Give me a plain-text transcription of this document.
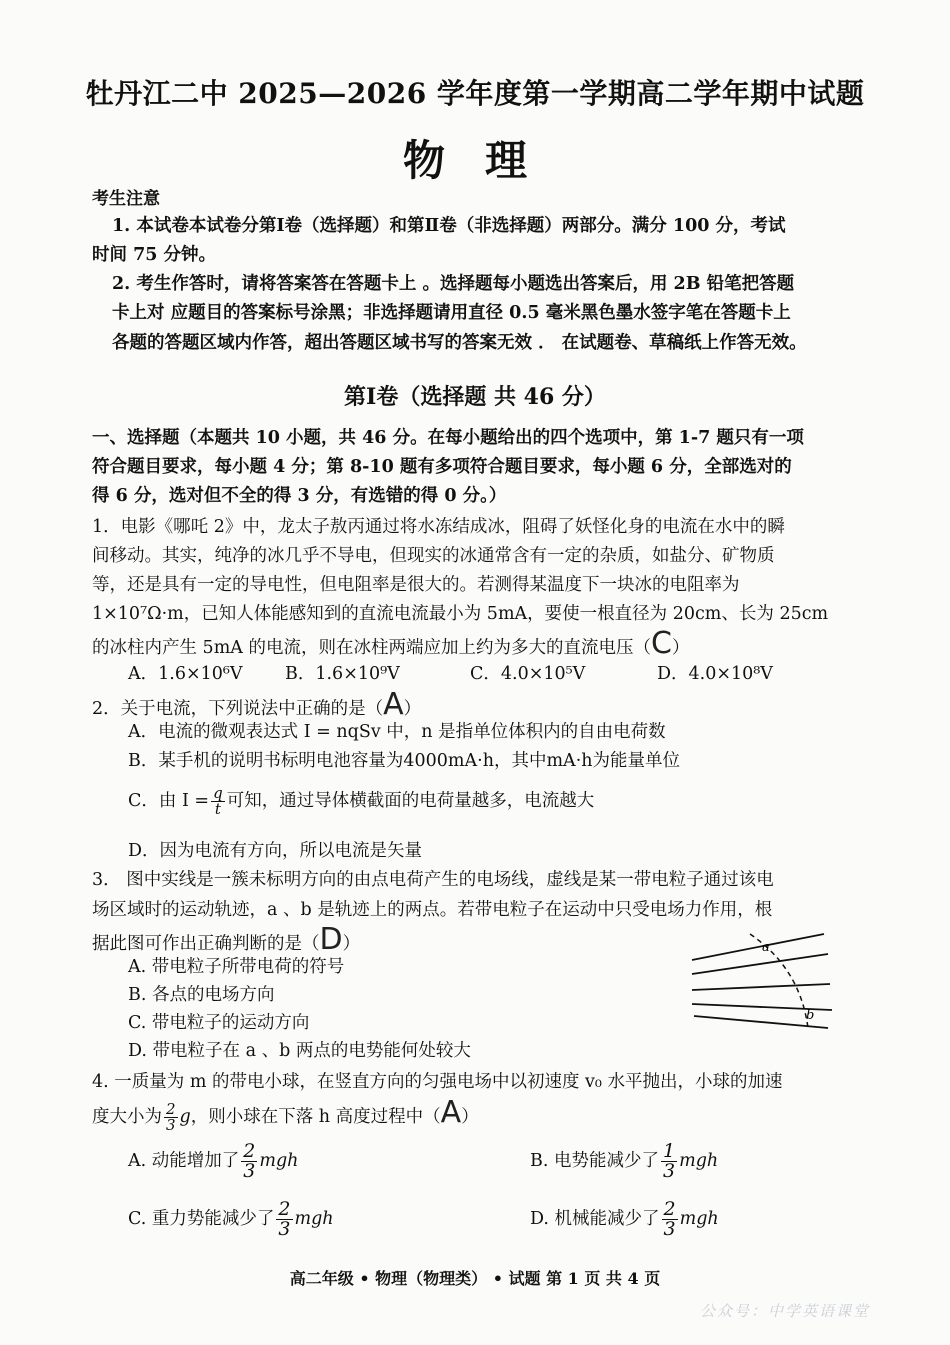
牡丹江二中 2025—2026 学年度第一学期高二学年期中试题
物理
考生注意
1. 本试卷本试卷分第Ⅰ卷（选择题）和第Ⅱ卷（非选择题）两部分。满分 100 分，考试
时间 75 分钟。
2. 考生作答时，请将答案答在答题卡上 。选择题每小题选出答案后，用 2B 铅笔把答题
卡上对 应题目的答案标号涂黑；非选择题请用直径 0.5 毫米黑色墨水签字笔在答题卡上
各题的答题区域内作答，超出答题区域书写的答案无效 ． 在试题卷、草稿纸上作答无效。
第Ⅰ卷（选择题 共 46 分）
一、选择题（本题共 10 小题，共 46 分。在每小题给出的四个选项中，第 1-7 题只有一项
符合题目要求，每小题 4 分；第 8-10 题有多项符合题目要求，每小题 6 分，全部选对的
得 6 分，选对但不全的得 3 分，有选错的得 0 分。）
1．电影《哪吒 2》中，龙太子敖丙通过将水冻结成冰，阻碍了妖怪化身的电流在水中的瞬
间移动。其实，纯净的冰几乎不导电，但现实的冰通常含有一定的杂质，如盐分、矿物质
等，还是具有一定的导电性，但电阻率是很大的。若测得某温度下一块冰的电阻率为
1×10⁷Ω·m，已知人体能感知到的直流电流最小为 5mA，要使一根直径为 20cm、长为 25cm
的冰柱内产生 5mA 的电流，则在冰柱两端应加上约为多大的直流电压（C）
A．1.6×10⁶V B．1.6×10⁹V	C．4.0×10⁵V	D．4.0×10⁸V
2．关于电流，下列说法中正确的是（A）
A．电流的微观表达式 I = nqSv 中，n 是指单位体积内的自由电荷数
B．某手机的说明书标明电池容量为4000mA·h，其中mA·h为能量单位
C．由 $I = \frac{q}{t}$ 可知，通过导体横截面的电荷量越多，电流越大
D．因为电流有方向，所以电流是矢量
3． 图中实线是一簇未标明方向的由点电荷产生的电场线，虚线是某一带电粒子通过该电
场区域时的运动轨迹，a 、b 是轨迹上的两点。若带电粒子在运动中只受电场力作用，根
据此图可作出正确判断的是（D）
A. 带电粒子所带电荷的符号
B. 各点的电场方向
C. 带电粒子的运动方向
D. 带电粒子在 a 、b 两点的电势能何处较大
a
b
4. 一质量为 m 的带电小球，在竖直方向的匀强电场中以初速度 v₀ 水平抛出，小球的加速
度大小为 $\frac{2}{3}$ g，则小球在下落 h 高度过程中（A）
A. 动能增加了 $\frac{2}{3}$ mgh	B. 电势能减少了 $\frac{1}{3}$ mgh
C. 重力势能减少了 $\frac{2}{3}$ mgh	D. 机械能减少了 $\frac{2}{3}$ mgh
高二年级 • 物理（物理类） • 试题 第 1 页 共 4 页
公众号：中学英语课堂
